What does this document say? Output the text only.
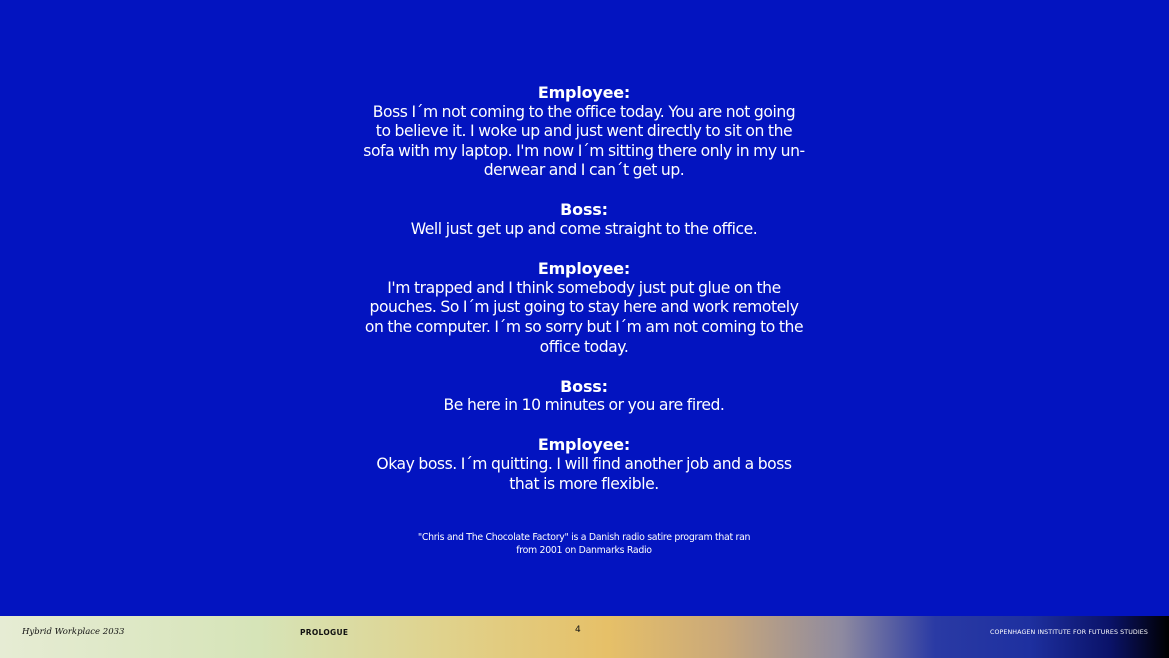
Employee:
Boss I´m not coming to the office today. You are not going
to believe it. I woke up and just went directly to sit on the
sofa with my laptop. I'm now I´m sitting there only in my un-
derwear and I can´t get up.
Boss:
Well just get up and come straight to the office.
Employee:
I'm trapped and I think somebody just put glue on the
pouches. So I´m just going to stay here and work remotely
on the computer. I´m so sorry but I´m am not coming to the
office today.
Boss:
Be here in 10 minutes or you are fired.
Employee:
Okay boss. I´m quitting. I will find another job and a boss
that is more flexible.
"Chris and The Chocolate Factory" is a Danish radio satire program that ran
from 2001 on Danmarks Radio
Hybrid Workplace 2033	PROLOGUE	4	COPENHAGEN INSTITUTE FOR FUTURES STUDIES
